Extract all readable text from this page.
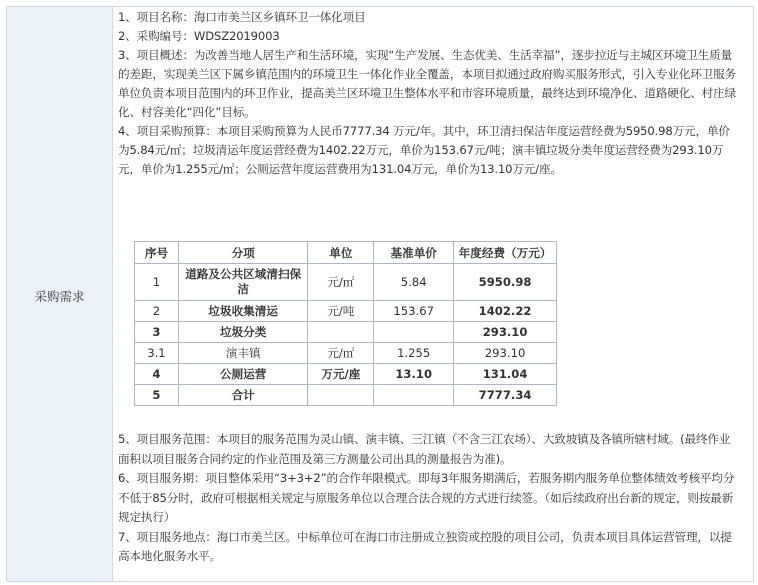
采购需求

1、项目名称：海口市美兰区乡镇环卫一体化项目

2、采购编号：WDSZ2019003

3、项目概述：为改善当地人居生产和生活环境，实现“生产发展、生态优美、生活幸福”，逐步拉近与主城区环境卫生质量的差距，实现美兰区下属乡镇范围内的环境卫生一体化作业全覆盖，本项目拟通过政府购买服务形式，引入专业化环卫服务单位负责本项目范围内的环卫作业，提高美兰区环境卫生整体水平和市容环境质量，最终达到环境净化、道路硬化、村庄绿化、村容美化“四化”目标。

4、项目采购预算：本项目采购预算为人民币7777.34 万元/年。其中，环卫清扫保洁年度运营经费为5950.98万元，单价为5.84元/㎡；垃圾清运年度运营经费为1402.22万元，单价为153.67元/吨；演丰镇垃圾分类年度运营经费为293.10万元，单价为1.255元/㎡；公厕运营年度运营费用为131.04万元，单价为13.10万元/座。

序号	分项	单位	基准单价	年度经费（万元）
1	道路及公共区域清扫保洁	元/㎡	5.84	5950.98
2	垃圾收集清运	元/吨	153.67	1402.22
3	垃圾分类			293.10
3.1	演丰镇	元/㎡	1.255	293.10
4	公厕运营	万元/座	13.10	131.04
5	合计			7777.34

5、项目服务范围：本项目的服务范围为灵山镇、演丰镇、三江镇（不含三江农场）、大致坡镇及各镇所辖村域。(最终作业面积以项目服务合同约定的作业范围及第三方测量公司出具的测量报告为准)。

6、项目服务期：项目整体采用“3+3+2”的合作年限模式。即每3年服务期满后，若服务期内服务单位整体绩效考核平均分不低于85分时，政府可根据相关规定与原服务单位以合理合法合规的方式进行续签。（如后续政府出台新的规定，则按最新规定执行）

7、项目服务地点：海口市美兰区。中标单位可在海口市注册成立独资或控股的项目公司，负责本项目具体运营管理，以提高本地化服务水平。
